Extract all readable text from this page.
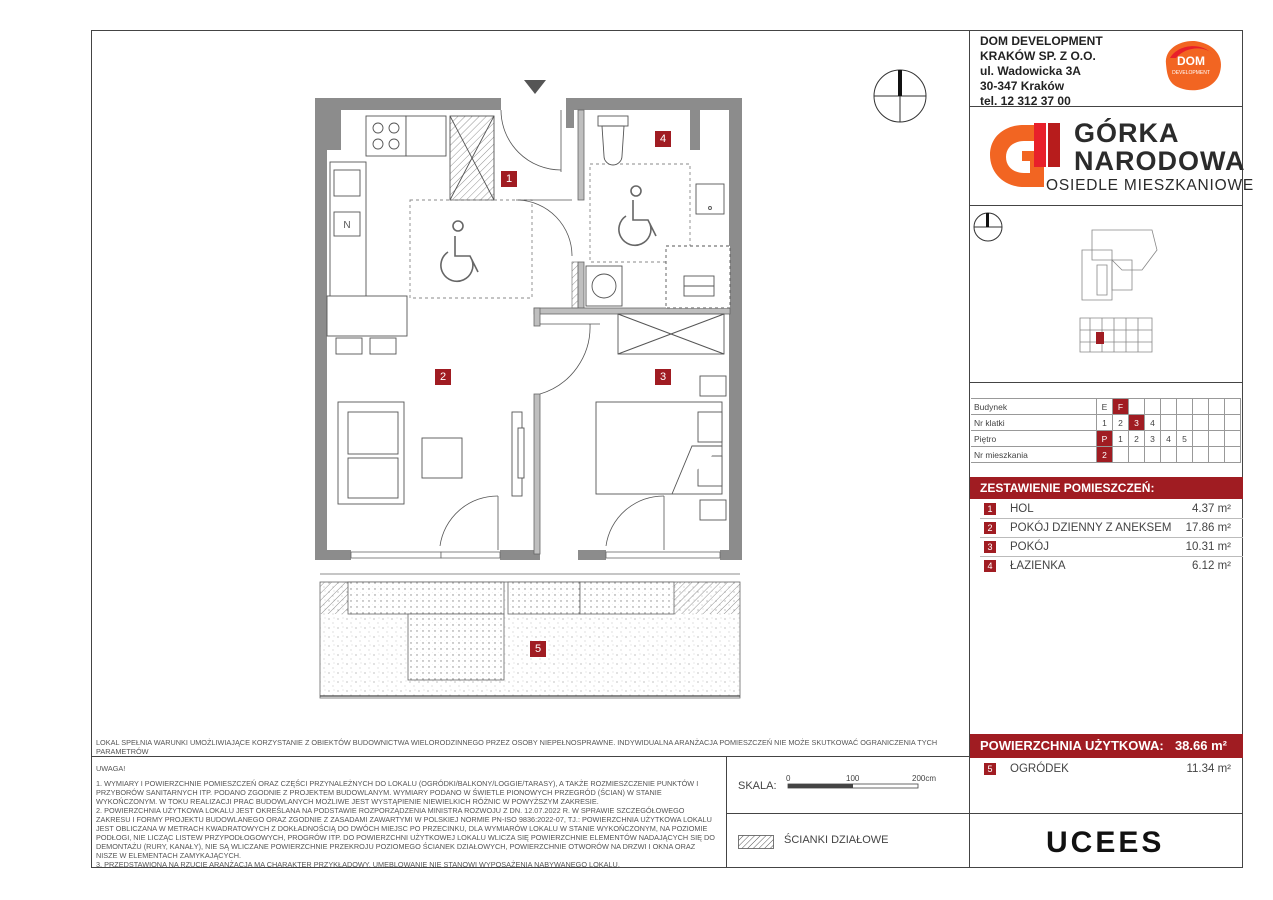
DOM DEVELOPMENT
KRAKÓW SP. Z O.O.
ul. Wadowicka 3A
30-347 Kraków
tel. 12 312 37 00
DOM
DEVELOPMENT
GÓRKA
NARODOWA
OSIEDLE MIESZKANIOWE
Budynek	E	F							
Nr klatki	1	2	3	4					
Piętro	P	1	2	3	4	5			
Nr mieszkania	2								
ZESTAWIENIE POMIESZCZEŃ:
1	HOL	4.37 m²
2	POKÓJ DZIENNY Z ANEKSEM 17.86 m²
3	POKÓJ	10.31 m²
4	ŁAZIENKA	6.12 m²
POWIERZCHNIA UŻYTKOWA: 38.66 m²
5	OGRÓDEK	11.34 m²
UCEES
LOKAL SPEŁNIA WARUNKI UMOŻLIWIAJĄCE KORZYSTANIE Z OBIEKTÓW BUDOWNICTWA WIELORODZINNEGO PRZEZ OSOBY NIEPEŁNOSPRAWNE. INDYWIDUALNA ARANŻACJA POMIESZCZEŃ NIE MOŻE SKUTKOWAĆ OGRANICZENIA TYCH PARAMETRÓW

UWAGA!

1. WYMIARY I POWIERZCHNIE POMIESZCZEŃ ORAZ CZĘŚCI PRZYNALEŻNYCH DO LOKALU (OGRÓDKI/BALKONY/LOGGIE/TARASY), A TAKŻE ROZMIESZCZENIE PUNKTÓW I PRZYBORÓW SANITARNYCH ITP. PODANO ZGODNIE Z PROJEKTEM BUDOWLANYM. WYMIARY PODANO W ŚWIETLE PIONOWYCH PRZEGRÓD (ŚCIAN) W STANIE WYKOŃCZONYM. W TOKU REALIZACJI PRAC BUDOWLANYCH MOŻLIWE JEST WYSTĄPIENIE NIEWIELKICH RÓŻNIC W POWYŻSZYM ZAKRESIE.

2. POWIERZCHNIA UŻYTKOWA LOKALU JEST OKREŚLANA NA PODSTAWIE ROZPORZĄDZENIA MINISTRA ROZWOJU Z DN. 12.07.2022 R. W SPRAWIE SZCZEGÓŁOWEGO ZAKRESU I FORMY PROJEKTU BUDOWLANEGO ORAZ ZGODNIE Z ZASADAMI ZAWARTYMI W POLSKIEJ NORMIE PN-ISO 9836:2022-07, TJ.: POWIERZCHNIA UŻYTKOWA LOKALU JEST OBLICZANA W METRACH KWADRATOWYCH Z DOKŁADNOŚCIĄ DO DWÓCH MIEJSC PO PRZECINKU, DLA WYMIARÓW LOKALU W STANIE WYKOŃCZONYM, NA POZIOMIE PODŁOGI, NIE LICZĄC LISTEW PRZYPODŁOGOWYCH, PROGRÓW ITP. DO POWIERZCHNI UŻYTKOWEJ LOKALU WLICZA SIĘ POWIERZCHNIE ELEMENTÓW NADAJĄCYCH SIĘ DO DEMONTAŻU (RURY, KANAŁY), NIE SĄ WLICZANE POWIERZCHNIE PRZEKROJU POZIOMEGO ŚCIANEK DZIAŁOWYCH, POWIERZCHNIE OTWORÓW NA DRZWI I OKNA ORAZ NISZE W ELEMENTACH ZAMYKAJĄCYCH.

3. PRZEDSTAWIONA NA RZUCIE ARANŻACJA MA CHARAKTER PRZYKŁADOWY, UMEBLOWANIE NIE STANOWI WYPOSAŻENIA NABYWANEGO LOKALU.

SKALA:
0	100	200cm
ŚCIANKI DZIAŁOWE
N
1
2	3
4
5
